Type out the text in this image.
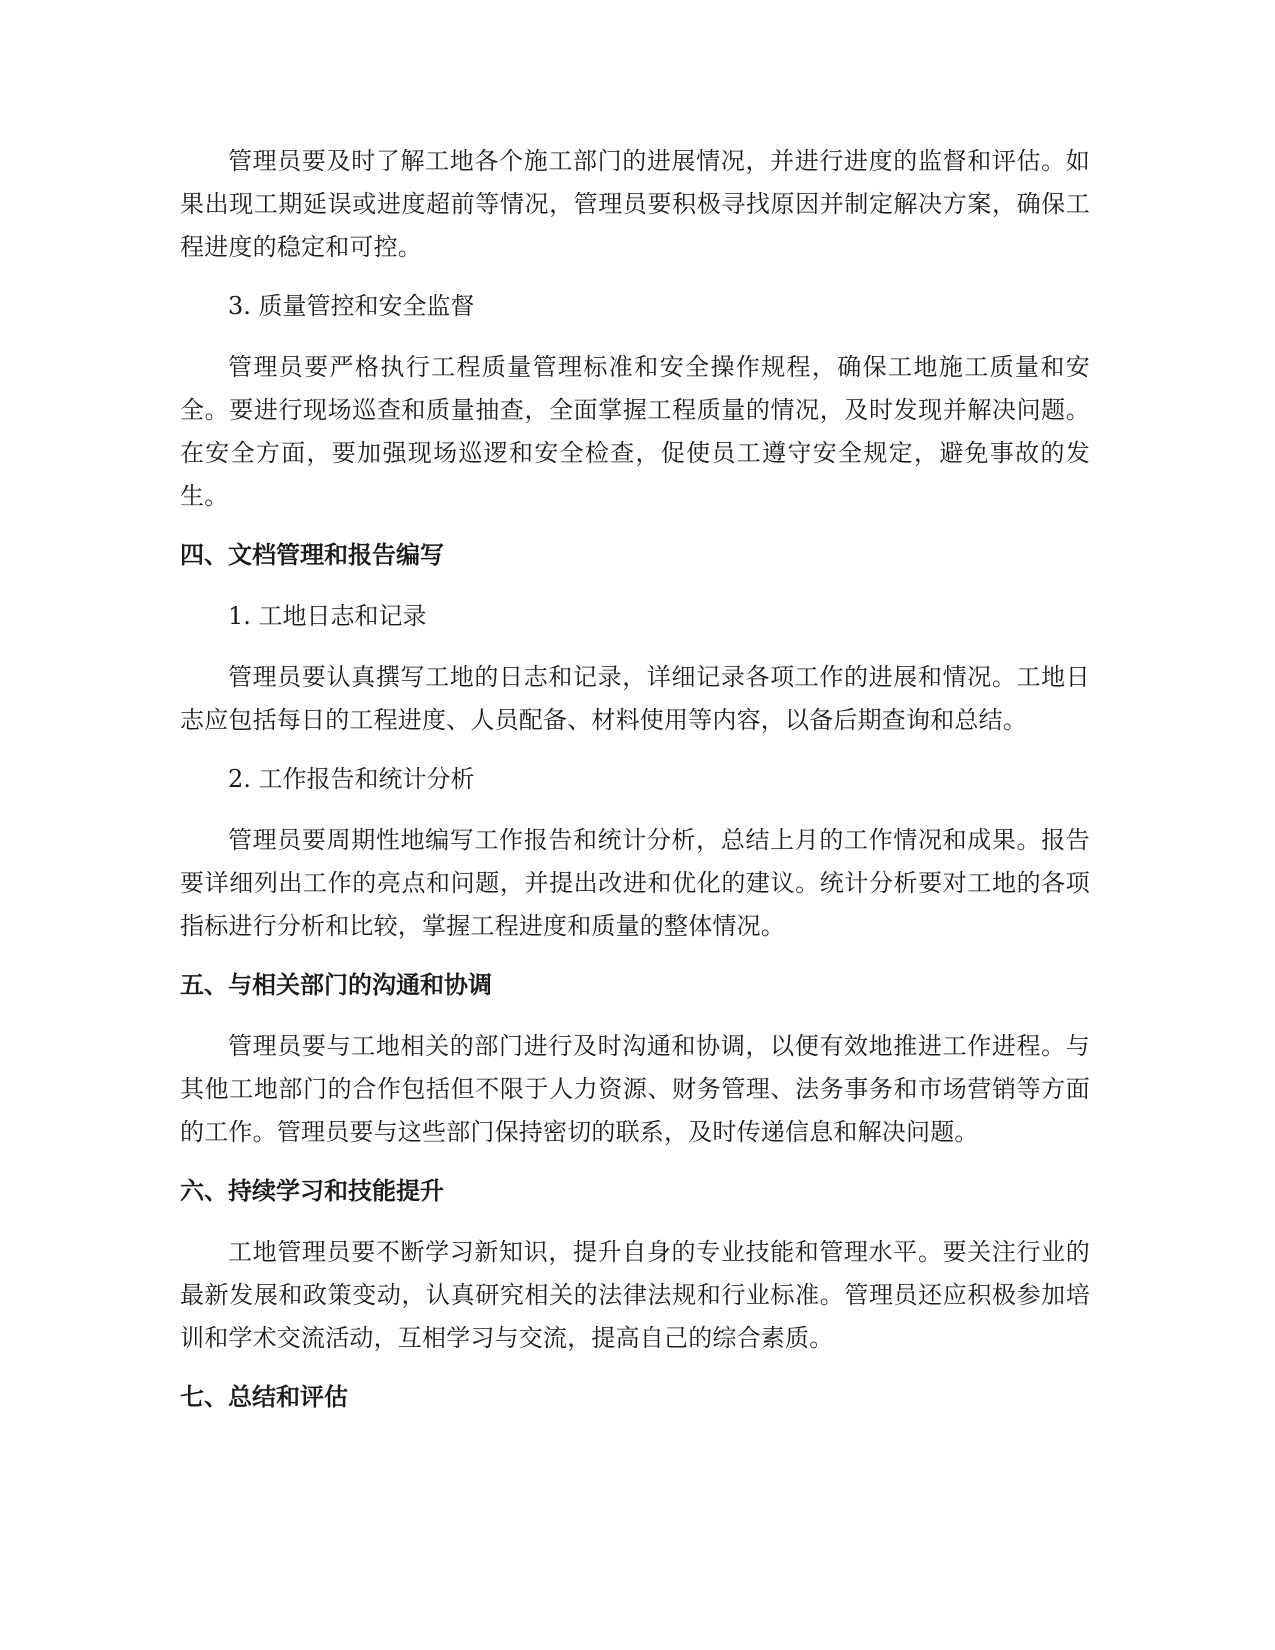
管理员要及时了解工地各个施工部门的进展情况，并进行进度的监督和评估。如果出现工期延误或进度超前等情况，管理员要积极寻找原因并制定解决方案，确保工程进度的稳定和可控。

3. 质量管控和安全监督

管理员要严格执行工程质量管理标准和安全操作规程，确保工地施工质量和安全。要进行现场巡查和质量抽查，全面掌握工程质量的情况，及时发现并解决问题。在安全方面，要加强现场巡逻和安全检查，促使员工遵守安全规定，避免事故的发生。

四、文档管理和报告编写

1. 工地日志和记录

管理员要认真撰写工地的日志和记录，详细记录各项工作的进展和情况。工地日志应包括每日的工程进度、人员配备、材料使用等内容，以备后期查询和总结。

2. 工作报告和统计分析

管理员要周期性地编写工作报告和统计分析，总结上月的工作情况和成果。报告要详细列出工作的亮点和问题，并提出改进和优化的建议。统计分析要对工地的各项指标进行分析和比较，掌握工程进度和质量的整体情况。

五、与相关部门的沟通和协调

管理员要与工地相关的部门进行及时沟通和协调，以便有效地推进工作进程。与其他工地部门的合作包括但不限于人力资源、财务管理、法务事务和市场营销等方面的工作。管理员要与这些部门保持密切的联系，及时传递信息和解决问题。

六、持续学习和技能提升

工地管理员要不断学习新知识，提升自身的专业技能和管理水平。要关注行业的最新发展和政策变动，认真研究相关的法律法规和行业标准。管理员还应积极参加培训和学术交流活动，互相学习与交流，提高自己的综合素质。

七、总结和评估
